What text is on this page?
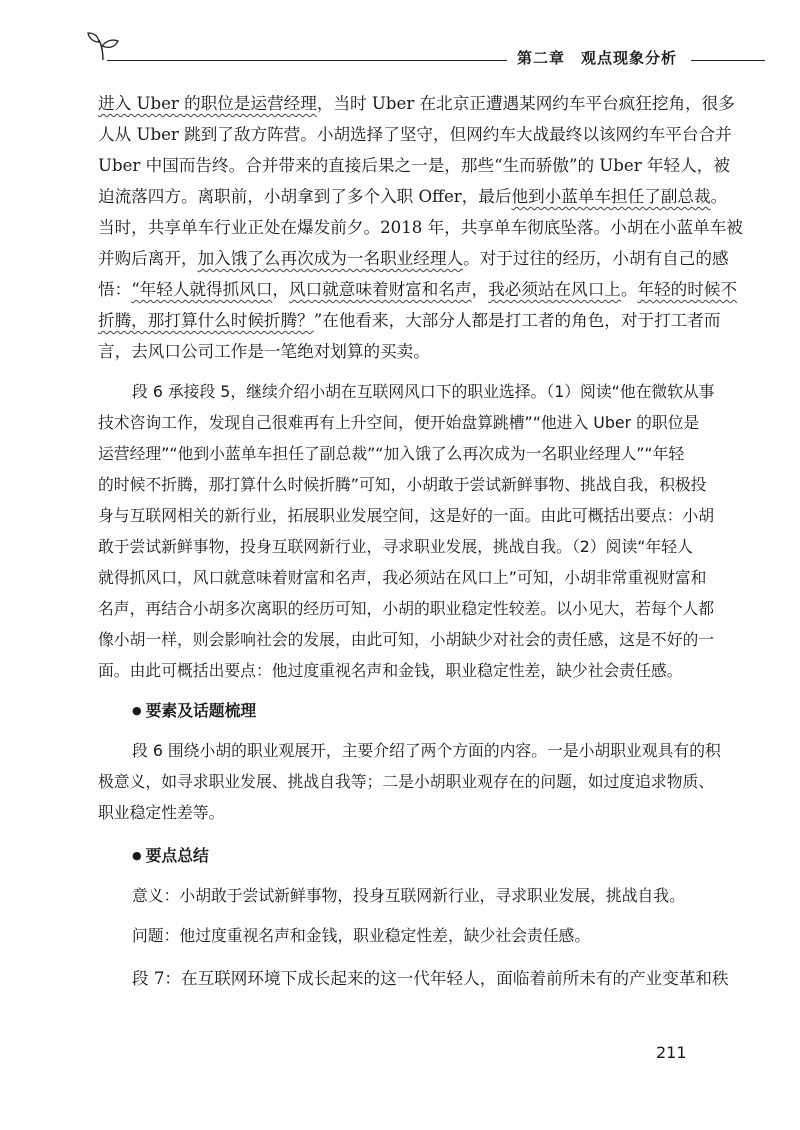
第二章　观点现象分析
进入 Uber 的职位是运营经理，当时 Uber 在北京正遭遇某网约车平台疯狂挖角，很多
人从 Uber 跳到了敌方阵营。小胡选择了坚守，但网约车大战最终以该网约车平台合并
Uber 中国而告终。合并带来的直接后果之一是，那些“生而骄傲”的 Uber 年轻人，被
迫流落四方。离职前，小胡拿到了多个入职 Offer，最后他到小蓝单车担任了副总裁。
当时，共享单车行业正处在爆发前夕。2018 年，共享单车彻底坠落。小胡在小蓝单车被
并购后离开，加入饿了么再次成为一名职业经理人。对于过往的经历，小胡有自己的感
悟：“年轻人就得抓风口，风口就意味着财富和名声，我必须站在风口上。年轻的时候不
折腾，那打算什么时候折腾？”在他看来，大部分人都是打工者的角色，对于打工者而
言，去风口公司工作是一笔绝对划算的买卖。
段 6 承接段 5，继续介绍小胡在互联网风口下的职业选择。（1）阅读“他在微软从事
技术咨询工作，发现自己很难再有上升空间，便开始盘算跳槽”“他进入 Uber 的职位是
运营经理”“他到小蓝单车担任了副总裁”“加入饿了么再次成为一名职业经理人”“年轻
的时候不折腾，那打算什么时候折腾”可知，小胡敢于尝试新鲜事物、挑战自我，积极投
身与互联网相关的新行业，拓展职业发展空间，这是好的一面。由此可概括出要点：小胡
敢于尝试新鲜事物，投身互联网新行业，寻求职业发展，挑战自我。（2）阅读“年轻人
就得抓风口，风口就意味着财富和名声，我必须站在风口上”可知，小胡非常重视财富和
名声，再结合小胡多次离职的经历可知，小胡的职业稳定性较差。以小见大，若每个人都
像小胡一样，则会影响社会的发展，由此可知，小胡缺少对社会的责任感，这是不好的一
面。由此可概括出要点：他过度重视名声和金钱，职业稳定性差，缺少社会责任感。
● 要素及话题梳理
段 6 围绕小胡的职业观展开，主要介绍了两个方面的内容。一是小胡职业观具有的积
极意义，如寻求职业发展、挑战自我等；二是小胡职业观存在的问题，如过度追求物质、
职业稳定性差等。
● 要点总结
意义：小胡敢于尝试新鲜事物，投身互联网新行业，寻求职业发展，挑战自我。
问题：他过度重视名声和金钱，职业稳定性差，缺少社会责任感。
段 7：在互联网环境下成长起来的这一代年轻人，面临着前所未有的产业变革和秩
211
